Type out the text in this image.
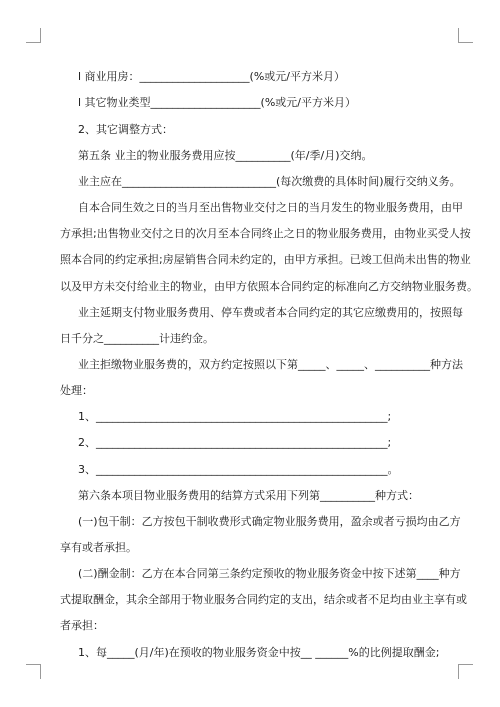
l 商业用房：____________________(%或元/平方米月）
l 其它物业类型____________________(%或元/平方米月）
2、其它调整方式：
第五条 业主的物业服务费用应按__________(年/季/月)交纳。
业主应在____________________________(每次缴费的具体时间)履行交纳义务。
自本合同生效之日的当月至出售物业交付之日的当月发生的物业服务费用，由甲
方承担;出售物业交付之日的次月至本合同终止之日的物业服务费用，由物业买受人按
照本合同的约定承担;房屋销售合同未约定的，由甲方承担。已竣工但尚未出售的物业
以及甲方未交付给业主的物业，由甲方依照本合同约定的标准向乙方交纳物业服务费。
业主延期支付物业服务费用、停车费或者本合同约定的其它应缴费用的，按照每
日千分之__________计违约金。
业主拒缴物业服务费的，双方约定按照以下第_____、_____、__________种方法
处理：
1、_____________________________________________________;
2、_____________________________________________________;
3、_____________________________________________________。
第六条本项目物业服务费用的结算方式采用下列第__________种方式：
(一)包干制：乙方按包干制收费形式确定物业服务费用，盈余或者亏损均由乙方
享有或者承担。
(二)酬金制：乙方在本合同第三条约定预收的物业服务资金中按下述第____种方
式提取酬金，其余全部用于物业服务合同约定的支出，结余或者不足均由业主享有或
者承担：
1、每_____(月/年)在预收的物业服务资金中按__ ______%的比例提取酬金;
